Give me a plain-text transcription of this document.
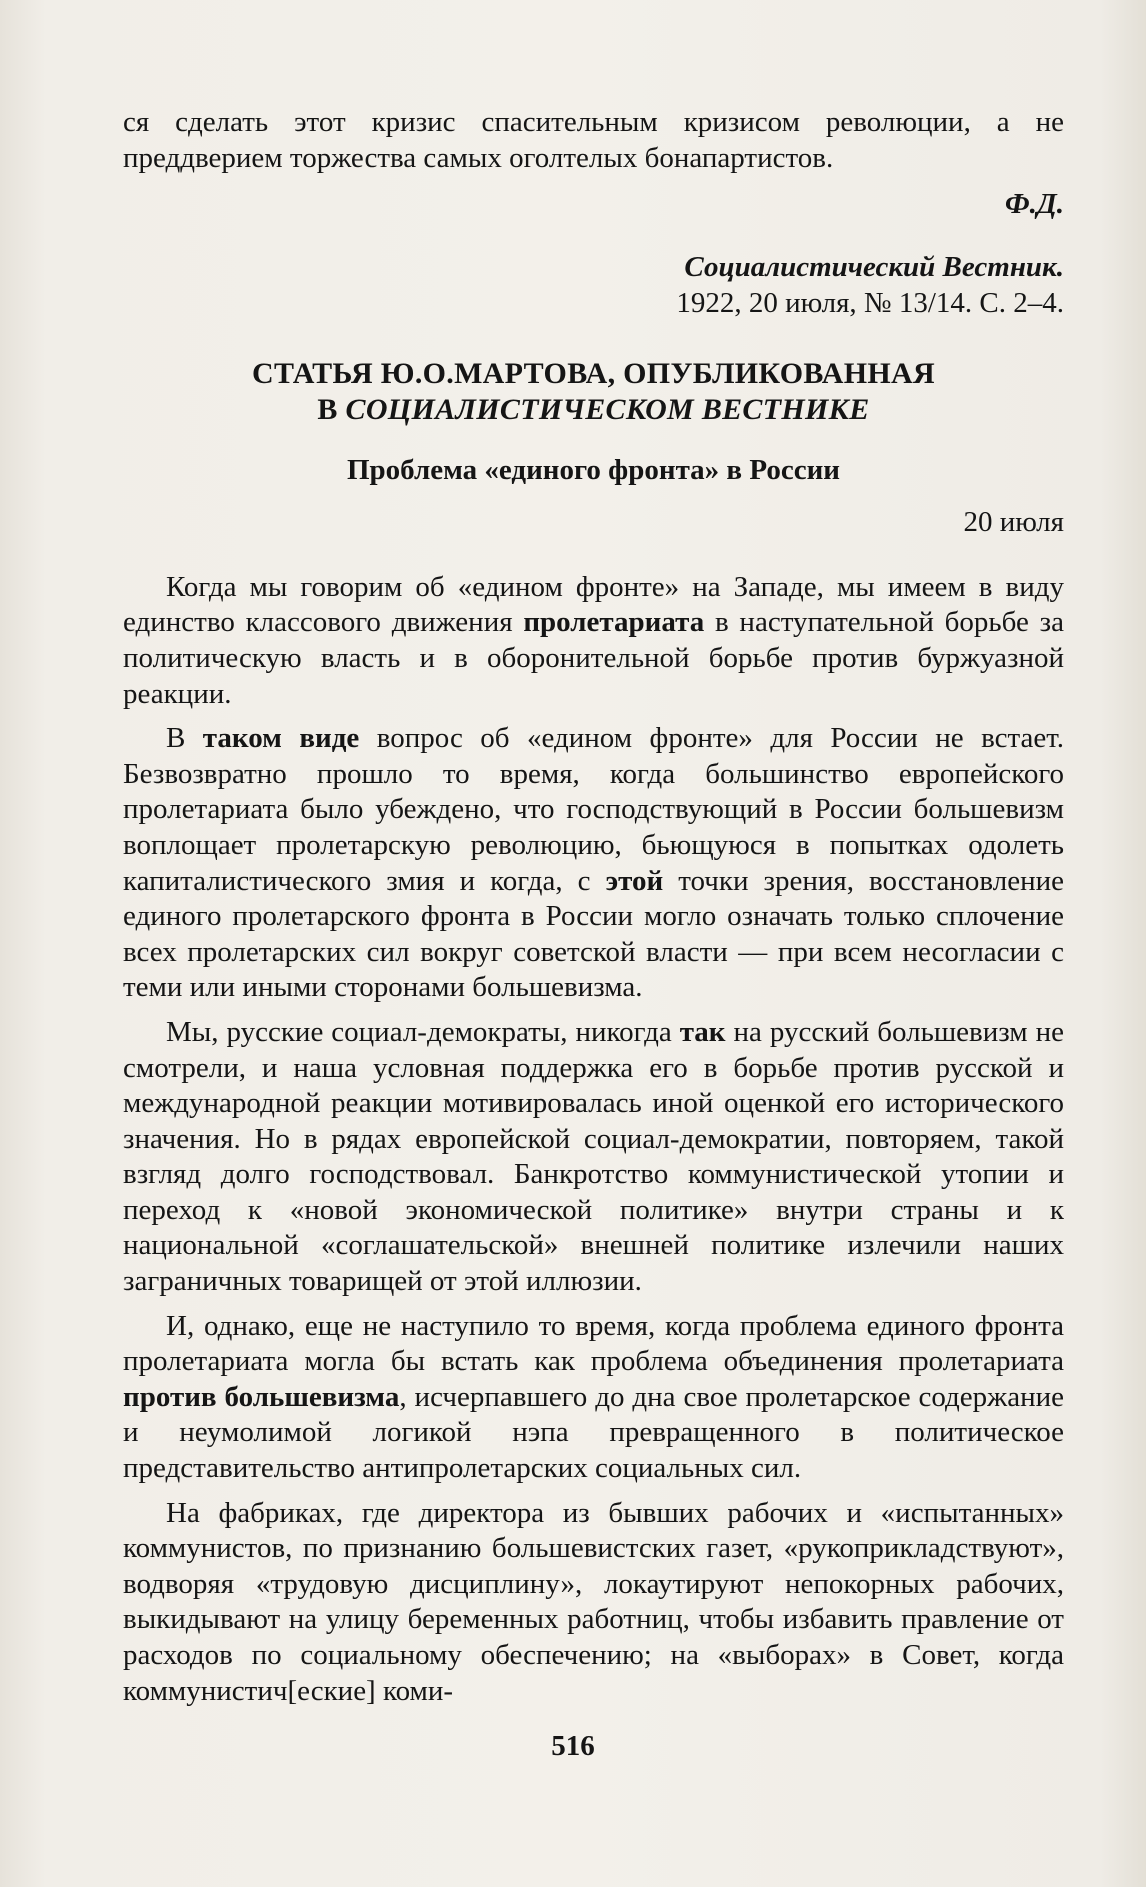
ся сделать этот кризис спасительным кризисом революции, а не преддверием торжества самых оголтелых бонапартистов.

Ф.Д.
Социалистический Вестник.
1922, 20 июля, № 13/14. С. 2–4.
СТАТЬЯ Ю.О.МАРТОВА, ОПУБЛИКОВАННАЯ
В СОЦИАЛИСТИЧЕСКОМ ВЕСТНИКЕ
Проблема «единого фронта» в России
20 июля

Когда мы говорим об «едином фронте» на Западе, мы имеем в виду единство классового движения пролетариата в наступательной борьбе за политическую власть и в оборонительной борьбе против буржуазной реакции.

В таком виде вопрос об «едином фронте» для России не встает. Безвозвратно прошло то время, когда большинство европейского пролетариата было убеждено, что господствующий в России большевизм воплощает пролетарскую революцию, бьющуюся в попытках одолеть капиталистического змия и когда, с этой точки зрения, восстановление единого пролетарского фронта в России могло означать только сплочение всех пролетарских сил вокруг советской власти — при всем несогласии с теми или иными сторонами большевизма.

Мы, русские социал-демократы, никогда так на русский большевизм не смотрели, и наша условная поддержка его в борьбе против русской и международной реакции мотивировалась иной оценкой его исторического значения. Но в рядах европейской социал-демократии, повторяем, такой взгляд долго господствовал. Банкротство коммунистической утопии и переход к «новой экономической политике» внутри страны и к национальной «соглашательской» внешней политике излечили наших заграничных товарищей от этой иллюзии.

И, однако, еще не наступило то время, когда проблема единого фронта пролетариата могла бы встать как проблема объединения пролетариата против большевизма, исчерпавшего до дна свое пролетарское содержание и неумолимой логикой нэпа превращенного в политическое представительство антипролетарских социальных сил.

На фабриках, где директора из бывших рабочих и «испытанных» коммунистов, по признанию большевистских газет, «рукоприкладствуют», водворяя «трудовую дисциплину», локаутируют непокорных рабочих, выкидывают на улицу беременных работниц, чтобы избавить правление от расходов по социальному обеспечению; на «выборах» в Совет, когда коммунистич[еские] коми-

516
